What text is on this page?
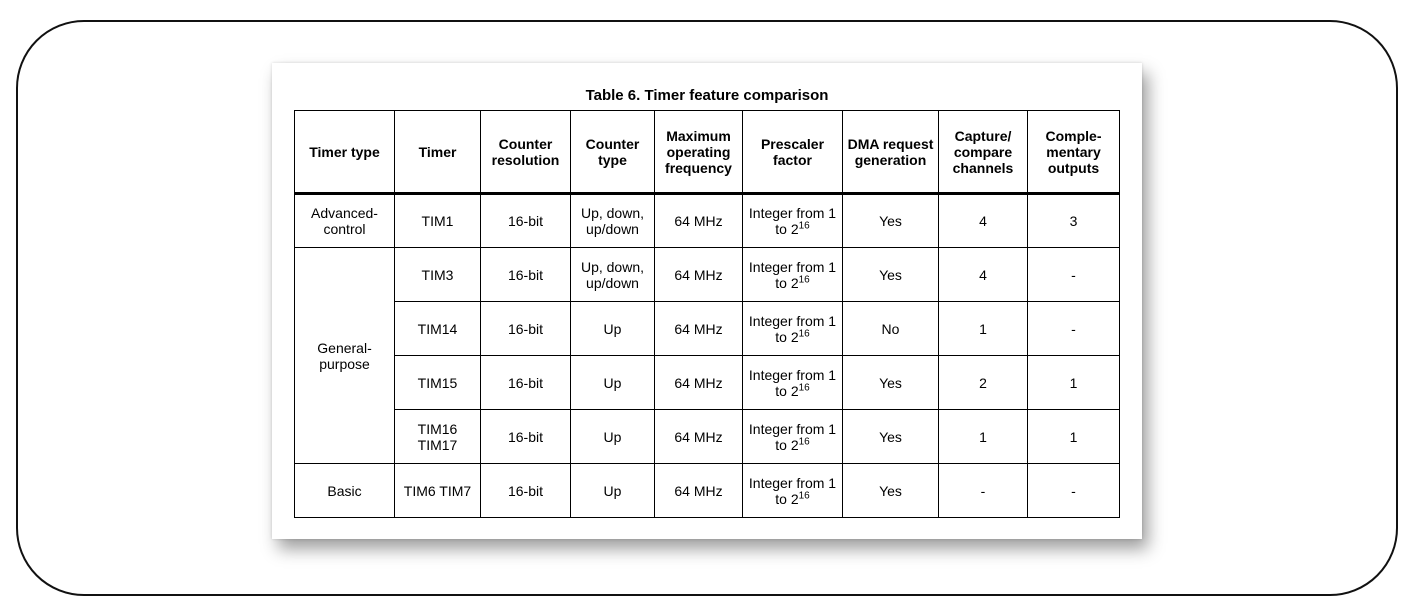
Table 6. Timer feature comparison
Timer type	Timer	Counter resolution	Counter type	Maximum operating frequency	Prescaler factor	DMA request generation	Capture/ compare channels	Comple- mentary outputs
Advanced-control	TIM1	16-bit	Up, down, up/down	64 MHz	Integer from 1 to $2^{16}$	Yes	4	3
General-purpose	TIM3	16-bit	Up, down, up/down	64 MHz	Integer from 1 to $2^{16}$	Yes	4	-
	TIM14	16-bit	Up	64 MHz	Integer from 1 to $2^{16}$	No	1	-
	TIM15	16-bit	Up	64 MHz	Integer from 1 to $2^{16}$	Yes	2	1
	TIM16 TIM17	16-bit	Up	64 MHz	Integer from 1 to $2^{16}$	Yes	1	1
Basic	TIM6 TIM7	16-bit	Up	64 MHz	Integer from 1 to $2^{16}$	Yes	-	-
